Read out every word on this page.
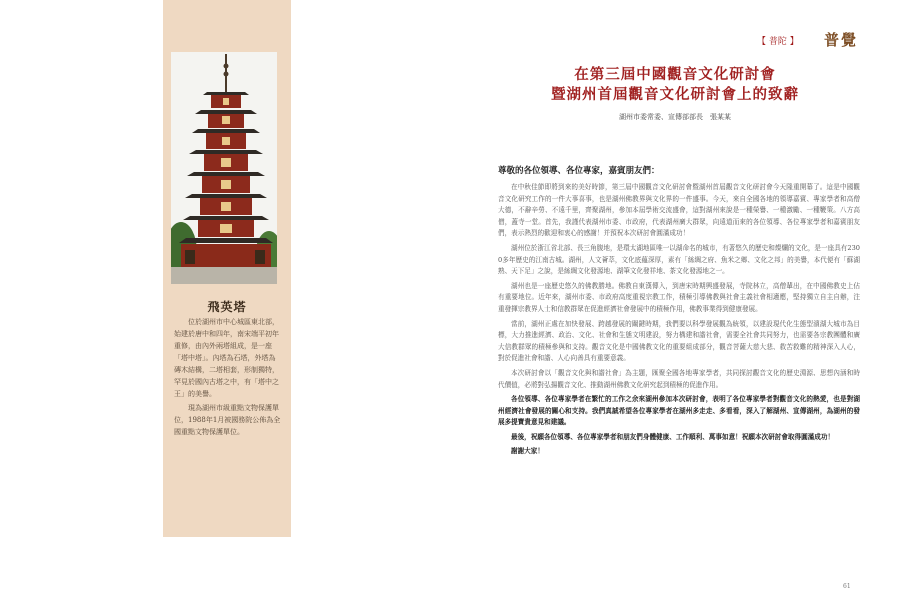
飛英塔

位於湖州市中心城區東北部，始建於唐中和四年，南宋端平初年重修，由內外兩塔組成，是一座「塔中塔」。內塔為石塔，外塔為磚木結構，二塔相套，形制獨特，罕見於國內古塔之中，有「塔中之王」的美譽。

現為湖州市級重點文物保護單位，1988年1月被國務院公佈為全國重點文物保護單位。

【 普陀 】 普覺
在第三屆中國觀音文化研討會
暨湖州首屆觀音文化研討會上的致辭
湖州市委常委、宣傳部部長　張某某
尊敬的各位領導、各位專家，嘉賓朋友們：

在中秋佳節即將到來的美好時節，第三屆中國觀音文化研討會暨湖州首屆觀音文化研討會今天隆重開幕了。這是中國觀音文化研究工作的一件大事喜事，也是湖州佛教界與文化界的一件盛事。今天，來自全國各地的領導嘉賓、專家學者和高僧大德，不辭辛勞、不遠千里，齊聚湖州，參加本屆學術交流盛會，這對湖州來說是一種榮譽、一種激勵、一種鞭策。八方高僧，蓋寺一堂。首先，我謹代表湖州市委、市政府，代表湖州廣大群眾，向遠道而來的各位領導、各位專家學者和嘉賓朋友們，表示熱烈的歡迎和衷心的感謝！并預祝本次研討會圓滿成功！

湖州位於浙江省北部、長三角腹地，是環太湖地區唯一以湖命名的城市，有著悠久的歷史和燦爛的文化，是一座具有2300多年歷史的江南古城。湖州，人文薈萃，文化底蘊深厚，素有「絲綢之府、魚米之鄉、文化之邦」的美譽，本代便有「蘇湖熟、天下足」之說，是絲綢文化發源地、湖筆文化發祥地、茶文化發源地之一。

湖州也是一座歷史悠久的佛教勝地。佛教自東漢傳入，到唐宋時期興盛發展，寺院林立，高僧輩出，在中國佛教史上佔有重要地位。近年來，湖州市委、市政府高度重視宗教工作，積極引導佛教與社會主義社會相適應，堅持獨立自主自辦，注重發揮宗教界人士和信教群眾在促進經濟社會發展中的積極作用，佛教事業得到健康發展。

當前，湖州正處在加快發展、跨越發展的關鍵時期，我們要以科學發展觀為統領，以建設現代化生態型濱湖大城市為目標，大力推進經濟、政治、文化、社會和生態文明建設，努力構建和諧社會，需要全社會共同努力，也需要各宗教團體和廣大信教群眾的積極參與和支持。觀音文化是中國佛教文化的重要組成部分，觀音菩薩大慈大悲、救苦救難的精神深入人心，對於促進社會和諧、人心向善具有重要意義。

本次研討會以「觀音文化與和諧社會」為主題，匯聚全國各地專家學者，共同探討觀音文化的歷史淵源、思想內涵和時代價值，必將對弘揚觀音文化、推動湖州佛教文化研究起到積極的促進作用。

各位領導、各位專家學者在繁忙的工作之余來湖州參加本次研討會，表明了各位專家學者對觀音文化的熱愛，也是對湖州經濟社會發展的關心和支持。我們真誠希望各位專家學者在湖州多走走、多看看，深入了解湖州、宣傳湖州，為湖州的發展多提寶貴意見和建議。

最後，祝願各位領導、各位專家學者和朋友們身體健康、工作順利、萬事如意！祝願本次研討會取得圓滿成功！

謝謝大家！

61
